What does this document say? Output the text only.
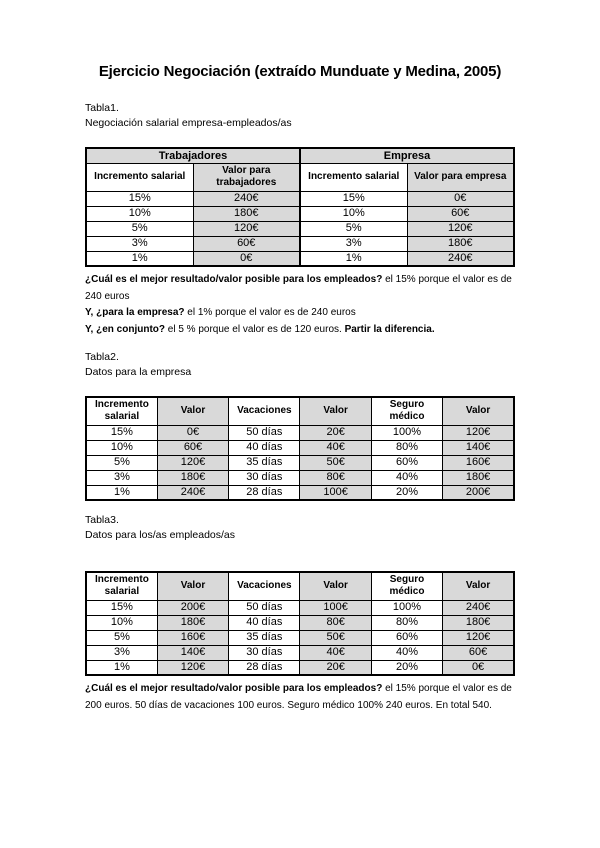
Ejercicio Negociación (extraído Munduate y Medina, 2005)

Tabla1.

Negociación salarial empresa-empleados/as

Trabajadores		Empresa	
Incremento salarial	Valor para trabajadores	Incremento salarial	Valor para empresa
15%	240€	15%	0€
10%	180€	10%	60€
5%	120€	5%	120€
3%	60€	3%	180€
1%	0€	1%	240€
¿Cuál es el mejor resultado/valor posible para los empleados? el 15% porque el valor es de 240 euros
Y, ¿para la empresa? el 1% porque el valor es de 240 euros
Y, ¿en conjunto? el 5 % porque el valor es de 120 euros. Partir la diferencia.

Tabla2.

Datos para la empresa

Incremento salarial	Valor	Vacaciones	Valor	Seguro médico	Valor
15%	0€	50 días	20€	100%	120€
10%	60€	40 días	40€	80%	140€
5%	120€	35 días	50€	60%	160€
3%	180€	30 días	80€	40%	180€
1%	240€	28 días	100€	20%	200€

Tabla3.

Datos para los/as empleados/as

Incremento salarial	Valor	Vacaciones	Valor	Seguro médico	Valor
15%	200€	50 días	100€	100%	240€
10%	180€	40 días	80€	80%	180€
5%	160€	35 días	50€	60%	120€
3%	140€	30 días	40€	40%	60€
1%	120€	28 días	20€	20%	0€
¿Cuál es el mejor resultado/valor posible para los empleados? el 15% porque el valor es de 200 euros. 50 días de vacaciones 100 euros. Seguro médico 100% 240 euros. En total 540.
